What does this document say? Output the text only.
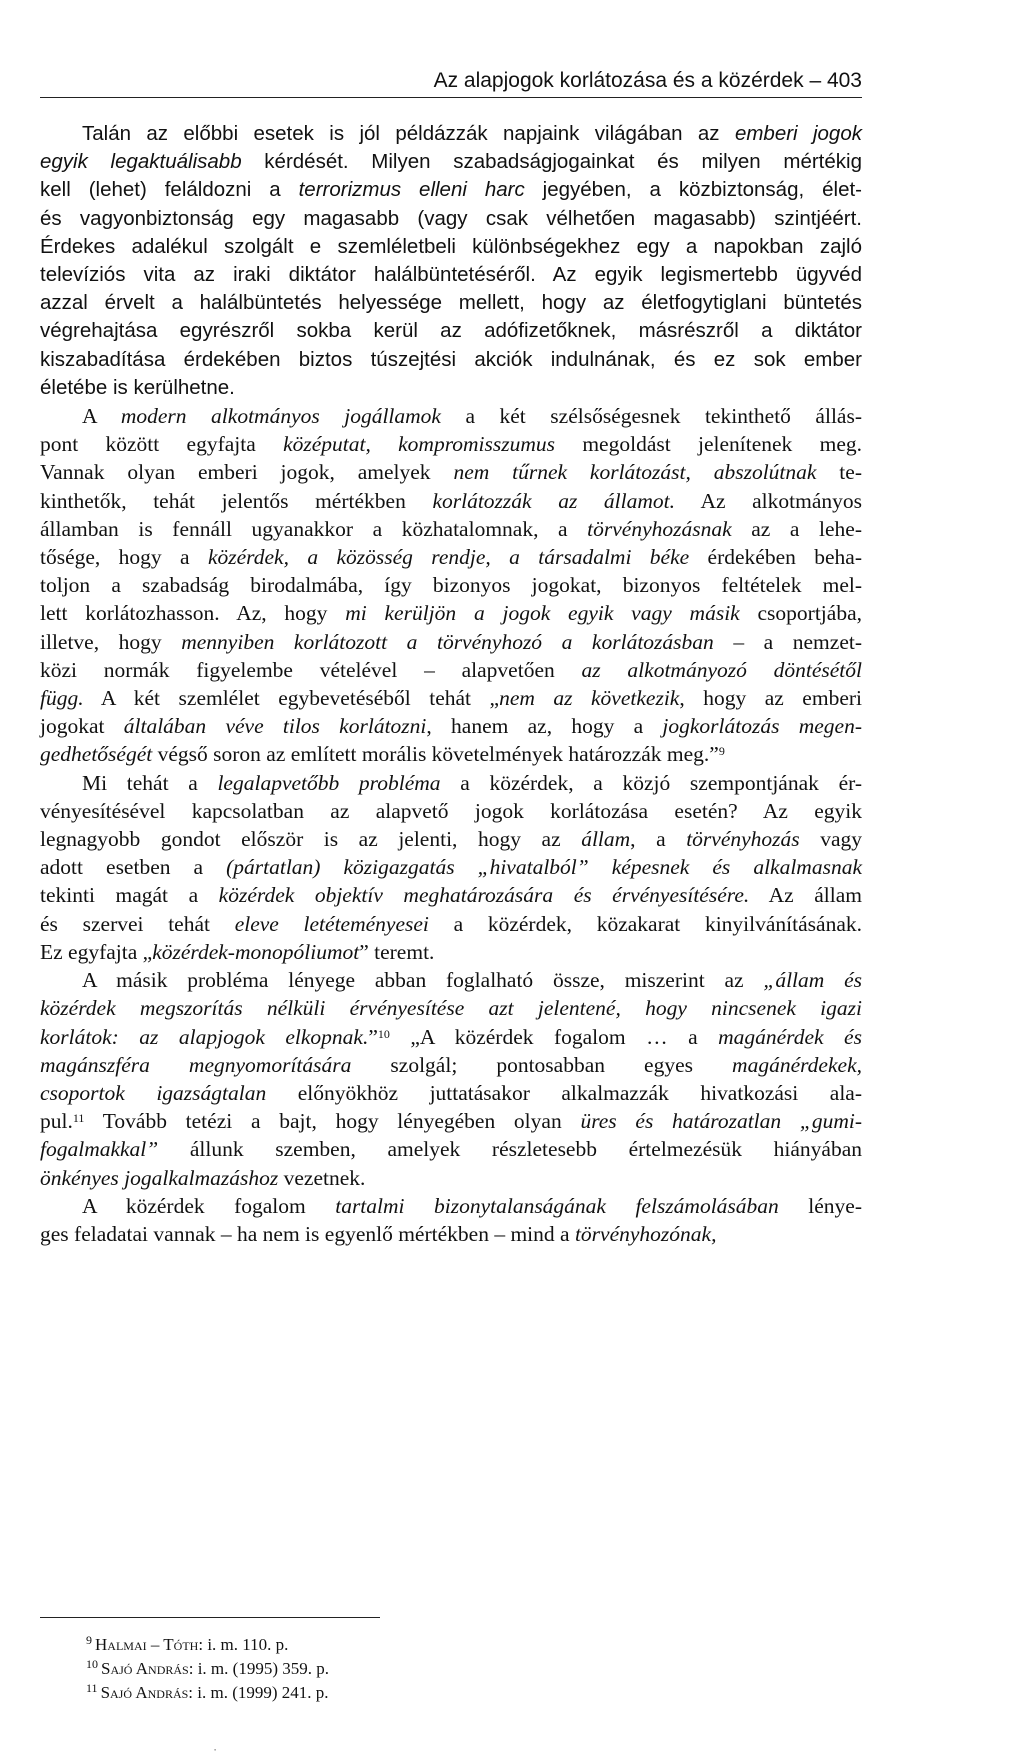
Az alapjogok korlátozása és a közérdek – 403
Talán az előbbi esetek is jól példázzák napjaink világában az emberi jogok
egyik legaktuálisabb kérdését. Milyen szabadságjogainkat és milyen mértékig
kell (lehet) feláldozni a terrorizmus elleni harc jegyében, a közbiztonság, élet-
és vagyonbiztonság egy magasabb (vagy csak vélhetően magasabb) szintjéért.
Érdekes adalékul szolgált e szemléletbeli különbségekhez egy a napokban zajló
televíziós vita az iraki diktátor halálbüntetéséről. Az egyik legismertebb ügyvéd
azzal érvelt a halálbüntetés helyessége mellett, hogy az életfogytiglani büntetés
végrehajtása egyrészről sokba kerül az adófizetőknek, másrészről a diktátor
kiszabadítása érdekében biztos túszejtési akciók indulnának, és ez sok ember
életébe is kerülhetne.
A modern alkotmányos jogállamok a két szélsőségesnek tekinthető állás-
pont között egyfajta középutat, kompromisszumus megoldást jelenítenek meg.
Vannak olyan emberi jogok, amelyek nem tűrnek korlátozást, abszolútnak te-
kinthetők, tehát jelentős mértékben korlátozzák az államot. Az alkotmányos
államban is fennáll ugyanakkor a közhatalomnak, a törvényhozásnak az a lehe-
tősége, hogy a közérdek, a közösség rendje, a társadalmi béke érdekében beha-
toljon a szabadság birodalmába, így bizonyos jogokat, bizonyos feltételek mel-
lett korlátozhasson. Az, hogy mi kerüljön a jogok egyik vagy másik csoportjába,
illetve, hogy mennyiben korlátozott a törvényhozó a korlátozásban – a nemzet-
közi normák figyelembe vételével – alapvetően az alkotmányozó döntésétől
függ. A két szemlélet egybevetéséből tehát „nem az következik, hogy az emberi
jogokat általában véve tilos korlátozni, hanem az, hogy a jogkorlátozás megen-
gedhetőségét végső soron az említett morális követelmények határozzák meg.”$^9$
Mi tehát a legalapvetőbb probléma a közérdek, a közjó szempontjának ér-
vényesítésével kapcsolatban az alapvető jogok korlátozása esetén? Az egyik
legnagyobb gondot először is az jelenti, hogy az állam, a törvényhozás vagy
adott esetben a (pártatlan) közigazgatás „hivatalból” képesnek és alkalmasnak
tekinti magát a közérdek objektív meghatározására és érvényesítésére. Az állam
és szervei tehát eleve letéteményesei a közérdek, közakarat kinyilvánításának.
Ez egyfajta „közérdek-monopóliumot” teremt.
A másik probléma lényege abban foglalható össze, miszerint az „állam és
közérdek megszorítás nélküli érvényesítése azt jelentené, hogy nincsenek igazi
korlátok: az alapjogok elkopnak.”$^{10}$ „A közérdek fogalom … a magánérdek és
magánszféra megnyomorítására szolgál; pontosabban egyes magánérdekek,
csoportok igazságtalan előnyökhöz juttatásakor alkalmazzák hivatkozási ala-
pul.$^{11}$ Tovább tetézi a bajt, hogy lényegében olyan üres és határozatlan „gumi-
fogalmakkal” állunk szemben, amelyek részletesebb értelmezésük hiányában
önkényes jogalkalmazáshoz vezetnek.
A közérdek fogalom tartalmi bizonytalanságának felszámolásában lénye-
ges feladatai vannak – ha nem is egyenlő mértékben – mind a törvényhozónak,
$^9$ Halmai – Tóth: i. m. 110. p.
$^{10}$ Sajó András: i. m. (1995) 359. p.
$^{11}$ Sajó András: i. m. (1999) 241. p.
⋅
